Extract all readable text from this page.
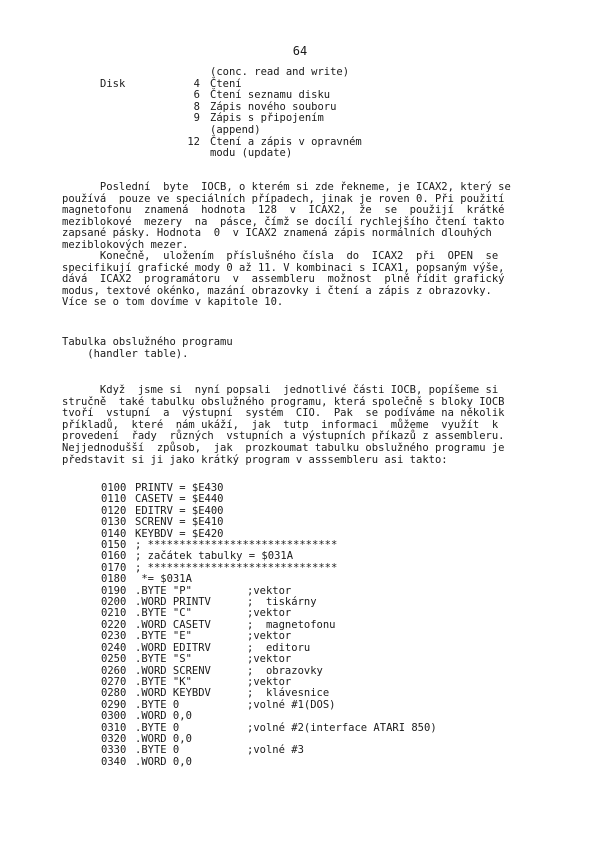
64
(conc. read and write)
Disk	4 Čtení
6 Čtení seznamu disku
8 Zápis nového souboru
9 Zápis s připojením
(append)
12 Čtení a zápis v opravném
modu (update)
Poslední  byte  IOCB, o kterém si zde řekneme, je ICAX2, který se
používá  pouze ve speciálních případech, jinak je roven 0. Při použití
magnetofonu  znamená  hodnota  128  v  ICAX2,  že  se  použijí  krátké
meziblokové  mezery  na  pásce, čímž se docílí rychlejšího čtení takto
zapsané pásky. Hodnota  0  v ICAX2 znamená zápis normálních dlouhých
meziblokových mezer.
Konečně,  uložením  příslušného čísla  do  ICAX2  při  OPEN  se
specifikují grafické mody 0 až 11. V kombinaci s ICAX1, popsaným výše,
dává  ICAX2  programátoru  v  assembleru  možnost  plně řídit grafický
modus, textové okénko, mazání obrazovky i čtení a zápis z obrazovky.
Více se o tom dovíme v kapitole 10.
Tabulka obslužného programu
(handler table).
Když  jsme si  nyní popsali  jednotlivé části IOCB, popíšeme si
stručně  také tabulku obslužného programu, která společně s bloky IOCB
tvoří  vstupní  a  výstupní  systém  CIO.  Pak  se podíváme na několik
příkladů,  které  nám ukáží,  jak  tutp  informaci  můžeme  využít  k
provedení  řady  různých  vstupních a výstupních příkazů z assembleru.
Nejjednodušší  způsob,  jak  prozkoumat tabulku obslužného programu je
představit si ji jako krátký program v asssembleru asi takto:
0100 PRINTV = $E430
0110 CASETV = $E440
0120 EDITRV = $E400
0130 SCRENV = $E410
0140 KEYBDV = $E420
0150 ; ******************************
0160 ; začátek tabulky = $031A
0170 ; ******************************
0180 *= $031A
0190 .BYTE "P"	;vektor
0200 .WORD PRINTV	;  tiskárny
0210 .BYTE "C"	;vektor
0220 .WORD CASETV	;  magnetofonu
0230 .BYTE "E"	;vektor
0240 .WORD EDITRV	;  editoru
0250 .BYTE "S"	;vektor
0260 .WORD SCRENV	;  obrazovky
0270 .BYTE "K"	;vektor
0280 .WORD KEYBDV	;  klávesnice
0290 .BYTE 0	;volné #1(DOS)
0300 .WORD 0,0
0310 .BYTE 0	;volné #2(interface ATARI 850)
0320 .WORD 0,0
0330 .BYTE 0	;volné #3
0340 .WORD 0,0
